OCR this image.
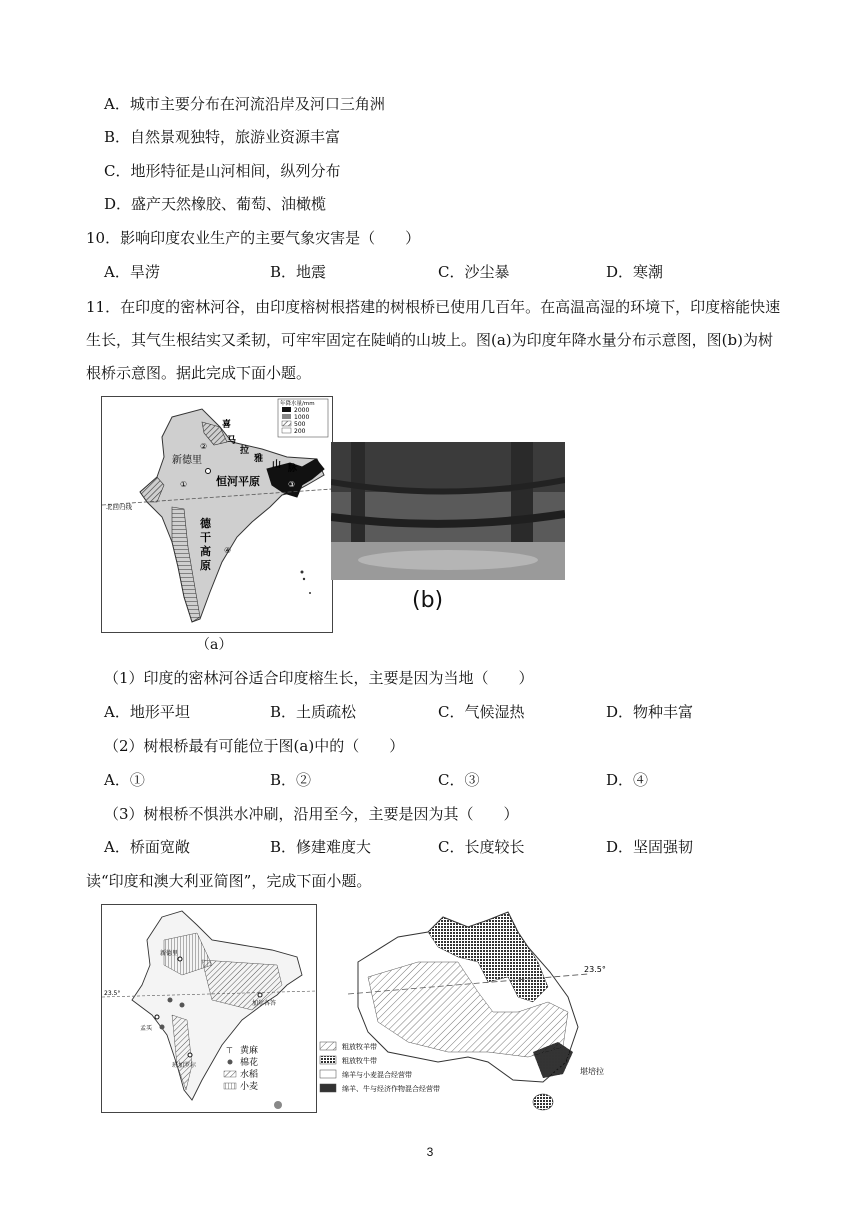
A．城市主要分布在河流沿岸及河口三角洲
B．自然景观独特，旅游业资源丰富
C．地形特征是山河相间，纵列分布
D．盛产天然橡胶、葡萄、油橄榄
10．影响印度农业生产的主要气象灾害是（　　）
A．旱涝	B．地震	C．沙尘暴	D．寒潮
11．在印度的密林河谷，由印度榕树根搭建的树根桥已使用几百年。在高温高湿的环境下，印度榕能快速生长，其气生根结实又柔韧，可牢牢固定在陡峭的山坡上。图(a)为印度年降水量分布示意图，图(b)为树根桥示意图。据此完成下面小题。
年降水量/mm
2000
1000
500
200
喜
马
拉
雅
山 脉
新德里
恒河平原
北回归线
德
干
高
原
①
②
③
④
（a）
(b)
（1）印度的密林河谷适合印度榕生长，主要是因为当地（　　）
A．地形平坦	B．土质疏松	C．气候湿热	D．物种丰富
（2）树根桥最有可能位于图(a)中的（　　）
A．①	B．②	C．③	D．④
（3）树根桥不惧洪水冲刷，沿用至今，主要是因为其（　　）
A．桥面宽敞	B．修建难度大	C．长度较长	D．坚固强韧
读“印度和澳大利亚简图”，完成下面小题。
23.5°
新德里
孟买
班加罗尔
加尔各答
黄麻
棉花
水稻
小麦
⊤
23.5°
堪培拉
粗放牧羊带
粗放牧牛带
绵羊与小麦混合经营带
绵羊、牛与经济作物混合经营带
3
